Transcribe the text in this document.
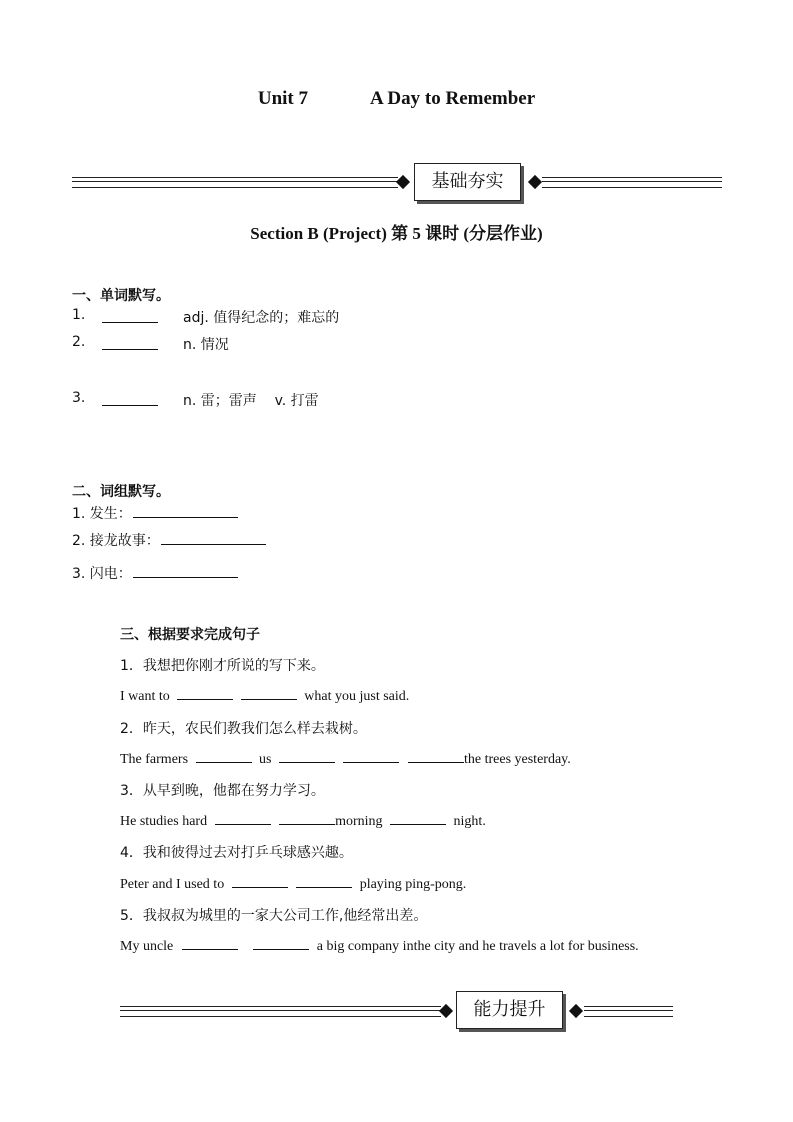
Unit 7	A Day to Remember
基础夯实
Section B (Project) 第 5 课时 (分层作业)
一、单词默写。
1.	adj. 值得纪念的；难忘的
2.	n. 情况
3.	n. 雷；雷声    v. 打雷
二、词组默写。
1. 发生：
2. 接龙故事：
3. 闪电：
三、根据要求完成句子
1．我想把你刚才所说的写下来。
I want to	what you just said.
2．昨天，农民们教我们怎么样去栽树。
The farmers	us	the trees yesterday.
3．从早到晚，他都在努力学习。
He studies hard	morning	night.
4．我和彼得过去对打乒乓球感兴趣。
Peter and I used to	playing ping-pong.
5．我叔叔为城里的一家大公司工作,他经常出差。
My uncle	a big company inthe city and he travels a lot for business.
能力提升
